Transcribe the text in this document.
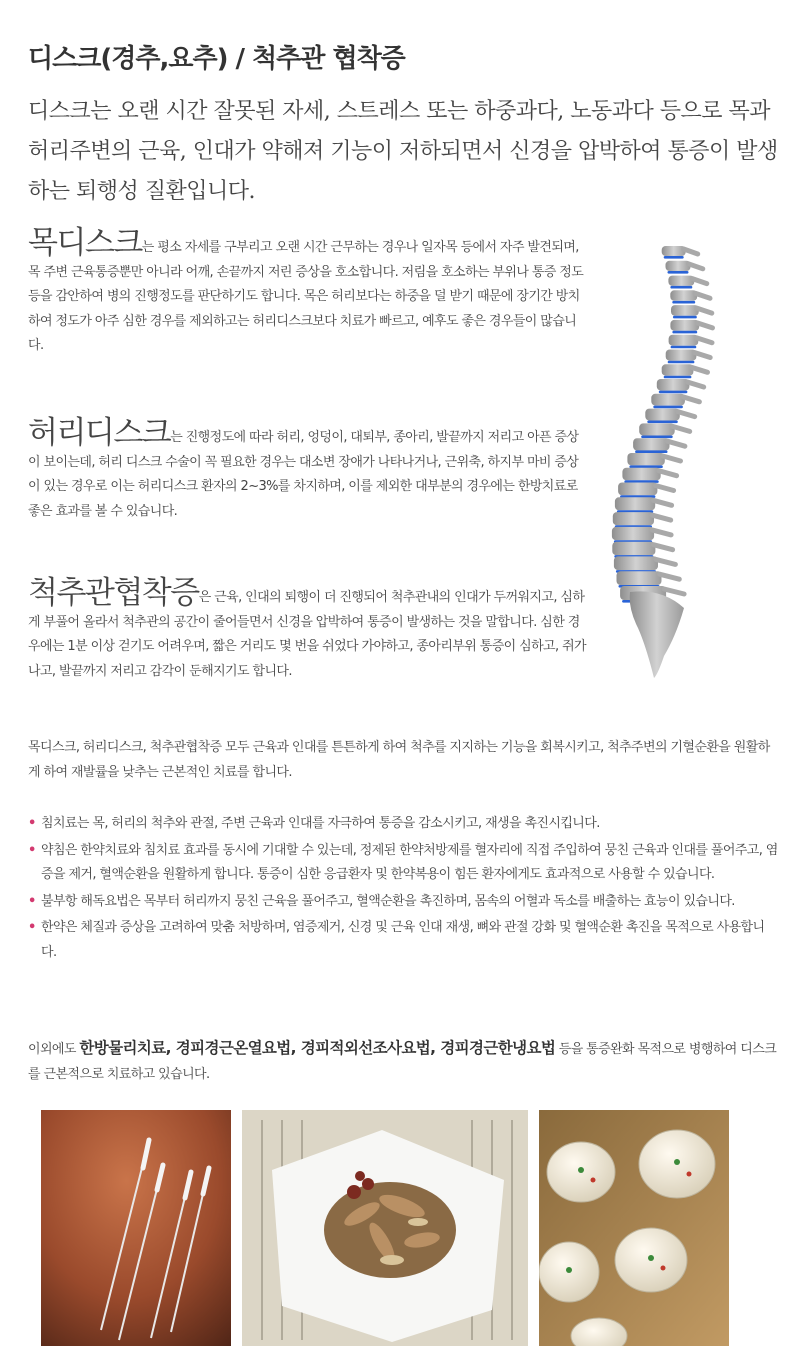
디스크(경추,요추) / 척추관 협착증
디스크는 오랜 시간 잘못된 자세, 스트레스 또는 하중과다, 노동과다 등으로 목과 허리주변의 근육, 인대가 약해져 기능이 저하되면서 신경을 압박하여 통증이 발생하는 퇴행성 질환입니다.
목디스크는 평소 자세를 구부리고 오랜 시간 근무하는 경우나 일자목 등에서 자주 발견되며, 목 주변 근육통증뿐만 아니라 어깨, 손끝까지 저린 증상을 호소합니다. 저림을 호소하는 부위나 통증 정도 등을 감안하여 병의 진행정도를 판단하기도 합니다. 목은 허리보다는 하중을 덜 받기 때문에 장기간 방치하여 정도가 아주 심한 경우를 제외하고는 허리디스크보다 치료가 빠르고, 예후도 좋은 경우들이 많습니다.
허리디스크는 진행정도에 따라 허리, 엉덩이, 대퇴부, 종아리, 발끝까지 저리고 아픈 증상이 보이는데, 허리 디스크 수술이 꼭 필요한 경우는 대소변 장애가 나타나거나, 근위축, 하지부 마비 증상이 있는 경우로 이는 허리디스크 환자의 2~3%를 차지하며, 이를 제외한 대부분의 경우에는 한방치료로 좋은 효과를 볼 수 있습니다.
척추관협착증은 근육, 인대의 퇴행이 더 진행되어 척추관내의 인대가 두꺼워지고, 심하게 부풀어 올라서 척추관의 공간이 줄어들면서 신경을 압박하여 통증이 발생하는 것을 말합니다. 심한 경우에는 1분 이상 걷기도 어려우며, 짧은 거리도 몇 번을 쉬었다 가야하고, 종아리부위 통증이 심하고, 쥐가 나고, 발끝까지 저리고 감각이 둔해지기도 합니다.
목디스크, 허리디스크, 척추관협착증 모두 근육과 인대를 튼튼하게 하여 척추를 지지하는 기능을 회복시키고, 척추주변의 기혈순환을 원활하게 하여 재발률을 낮추는 근본적인 치료를 합니다.
• 침치료는 목, 허리의 척추와 관절, 주변 근육과 인대를 자극하여 통증을 감소시키고, 재생을 촉진시킵니다.
• 약침은 한약치료와 침치료 효과를 동시에 기대할 수 있는데, 정제된 한약처방제를 혈자리에 직접 주입하여 뭉친 근육과 인대를 풀어주고, 염증을 제거, 혈액순환을 원활하게 합니다. 통증이 심한 응급환자 및 한약복용이 힘든 환자에게도 효과적으로 사용할 수 있습니다.
• 불부항 해독요법은 목부터 허리까지 뭉친 근육을 풀어주고, 혈액순환을 촉진하며, 몸속의 어혈과 독소를 배출하는 효능이 있습니다.
• 한약은 체질과 증상을 고려하여 맞춤 처방하며, 염증제거, 신경 및 근육 인대 재생, 뼈와 관절 강화 및 혈액순환 촉진을 목적으로 사용합니다.
이외에도 한방물리치료, 경피경근온열요법, 경피적외선조사요법, 경피경근한냉요법 등을 통증완화 목적으로 병행하여 디스크를 근본적으로 치료하고 있습니다.
